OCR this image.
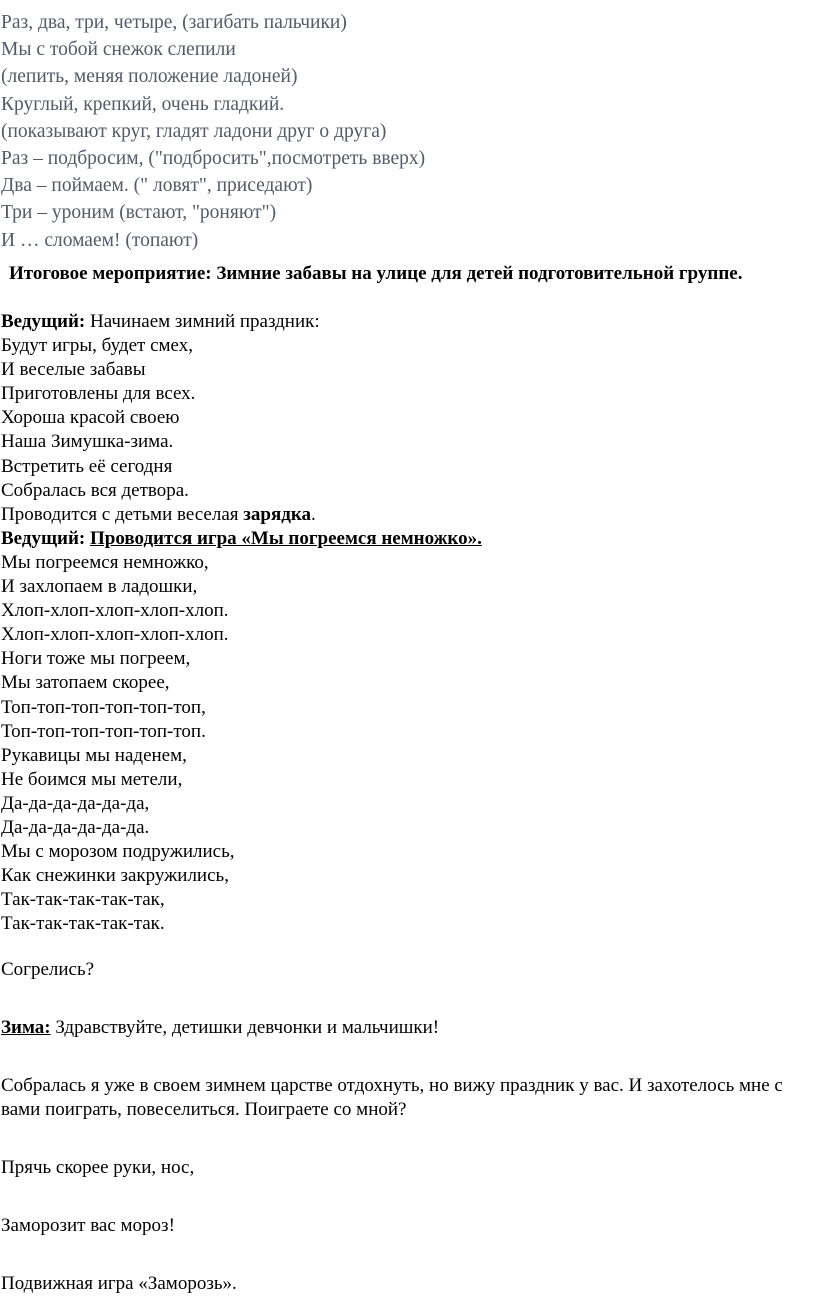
Раз, два, три, четыре, (загибать пальчики)
Мы с тобой снежок слепили
(лепить, меняя положение ладоней)
Круглый, крепкий, очень гладкий.
(показывают круг, гладят ладони друг о друга)
Раз – подбросим, ("подбросить",посмотреть вверх)
Два – поймаем. (" ловят", приседают)
Три – уроним (встают, "роняют")
И … сломаем! (топают)
Итоговое мероприятие: Зимние забавы на улице для детей подготовительной группе.
Ведущий: Начинаем зимний праздник:
Будут игры, будет смех,
И веселые забавы
Приготовлены для всех.
Хороша красой своею
Наша Зимушка-зима.
Встретить её сегодня
Собралась вся детвора.
Проводится с детьми веселая зарядка.
Ведущий: Проводится игра «Мы погреемся немножко».
Мы погреемся немножко,
И захлопаем в ладошки,
Хлоп-хлоп-хлоп-хлоп-хлоп.
Хлоп-хлоп-хлоп-хлоп-хлоп.
Ноги тоже мы погреем,
Мы затопаем скорее,
Топ-топ-топ-топ-топ-топ,
Топ-топ-топ-топ-топ-топ.
Рукавицы мы наденем,
Не боимся мы метели,
Да-да-да-да-да-да,
Да-да-да-да-да-да.
Мы с морозом подружились,
Как снежинки закружились,
Так-так-так-так-так,
Так-так-так-так-так.

Согрелись?

Зима: Здравствуйте, детишки девчонки и мальчишки!

Собралась я уже в своем зимнем царстве отдохнуть, но вижу праздник у вас. И захотелось мне с вами поиграть, повеселиться. Поиграете со мной?

Прячь скорее руки, нос,

Заморозит вас мороз!

Подвижная игра «Заморозь».
